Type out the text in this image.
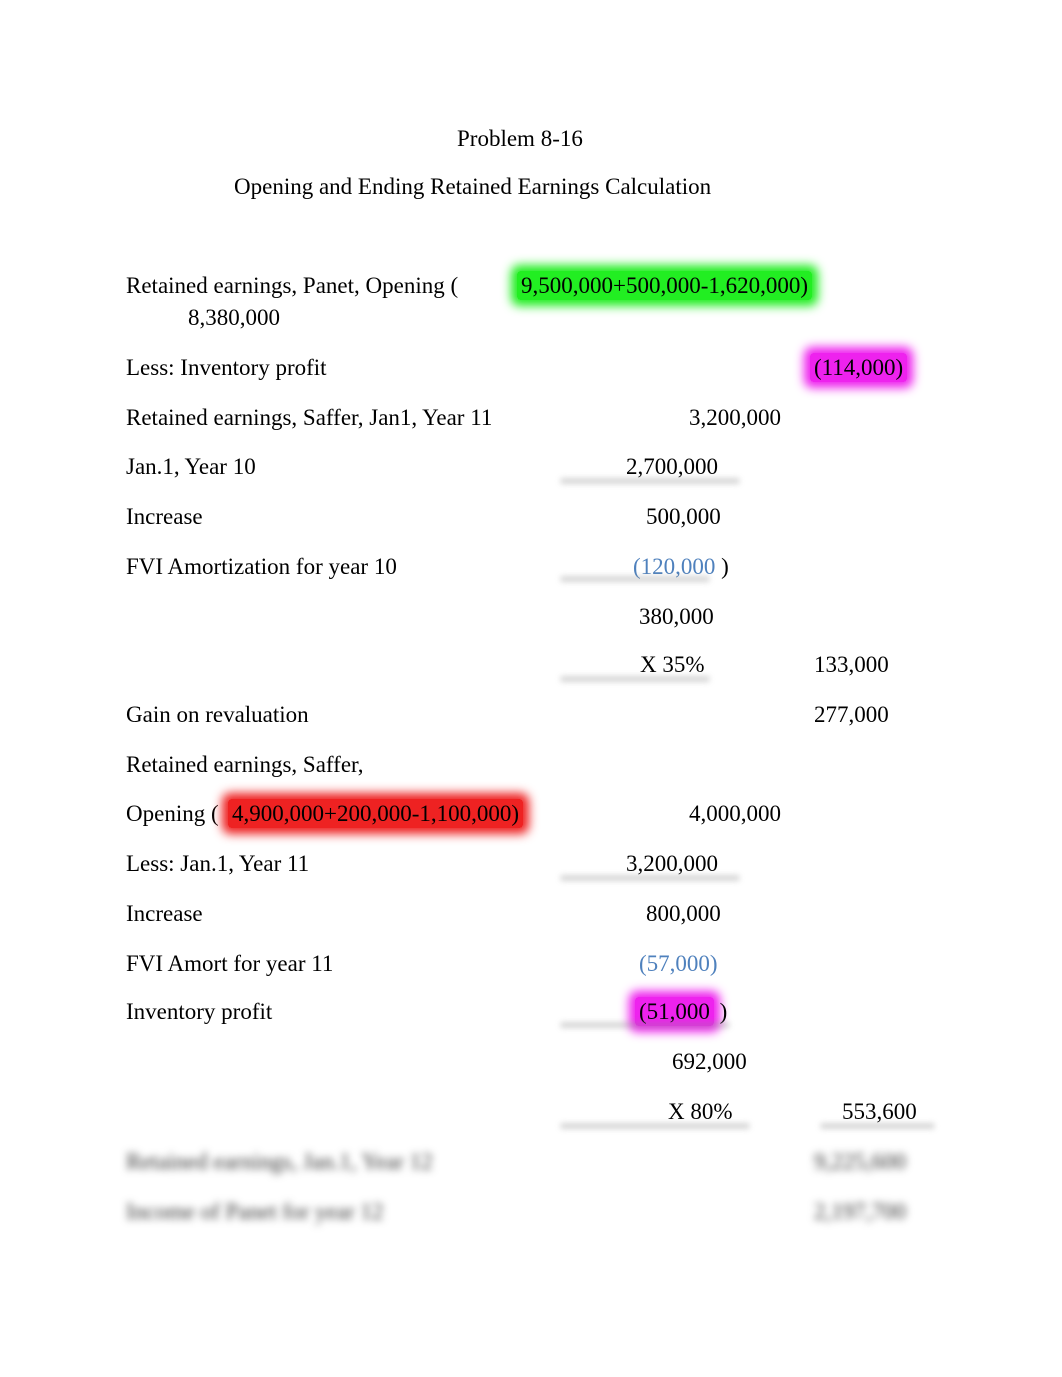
Problem 8-16
Opening and Ending Retained Earnings Calculation
Retained earnings, Panet, Opening (	9,500,000+500,000-1,620,000)
8,380,000
Less: Inventory profit	(114,000)
Retained earnings, Saffer, Jan1, Year 11	3,200,000
Jan.1, Year 10	2,700,000
Increase	500,000
FVI Amortization for year 10	(120,000 )
380,000
X 35%	133,000
Gain on revaluation	277,000
Retained earnings, Saffer,
Opening ( 4,900,000+200,000-1,100,000)	4,000,000
Less: Jan.1, Year 11	3,200,000
Increase	800,000
FVI Amort for year 11	(57,000)
Inventory profit	(51,000 )
692,000
X 80%	553,600
Retained earnings, Jan.1, Year 12	9,225,600
Income of Panet for year 12	2,197,700
